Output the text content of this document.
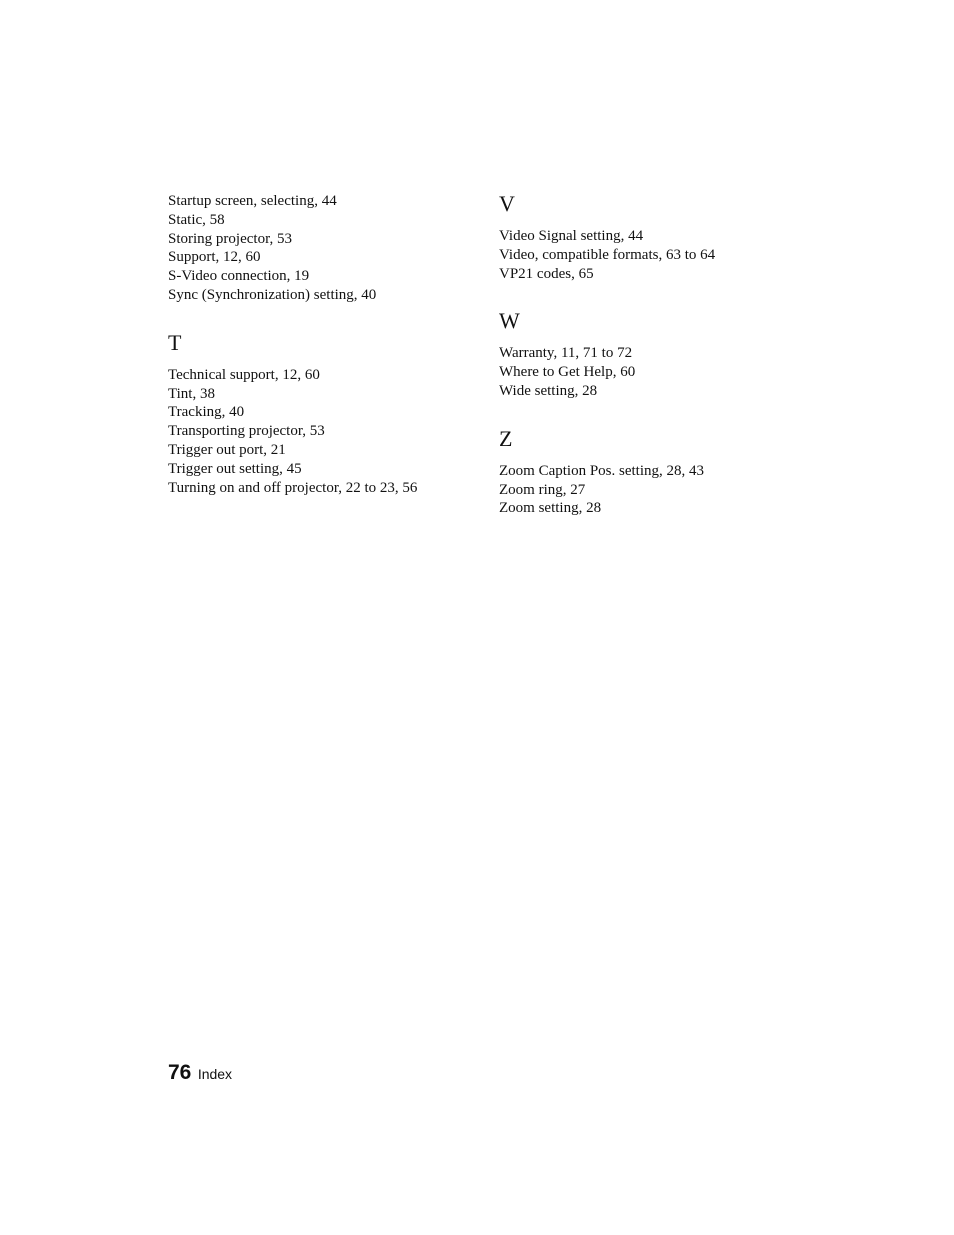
Startup screen, selecting, 44
Static, 58
Storing projector, 53
Support, 12, 60
S-Video connection, 19
Sync (Synchronization) setting, 40
T
Technical support, 12, 60
Tint, 38
Tracking, 40
Transporting projector, 53
Trigger out port, 21
Trigger out setting, 45
Turning on and off projector, 22 to 23, 56
V
Video Signal setting, 44
Video, compatible formats, 63 to 64
VP21 codes, 65
W
Warranty, 11, 71 to 72
Where to Get Help, 60
Wide setting, 28
Z
Zoom Caption Pos. setting, 28, 43
Zoom ring, 27
Zoom setting, 28
76 Index
